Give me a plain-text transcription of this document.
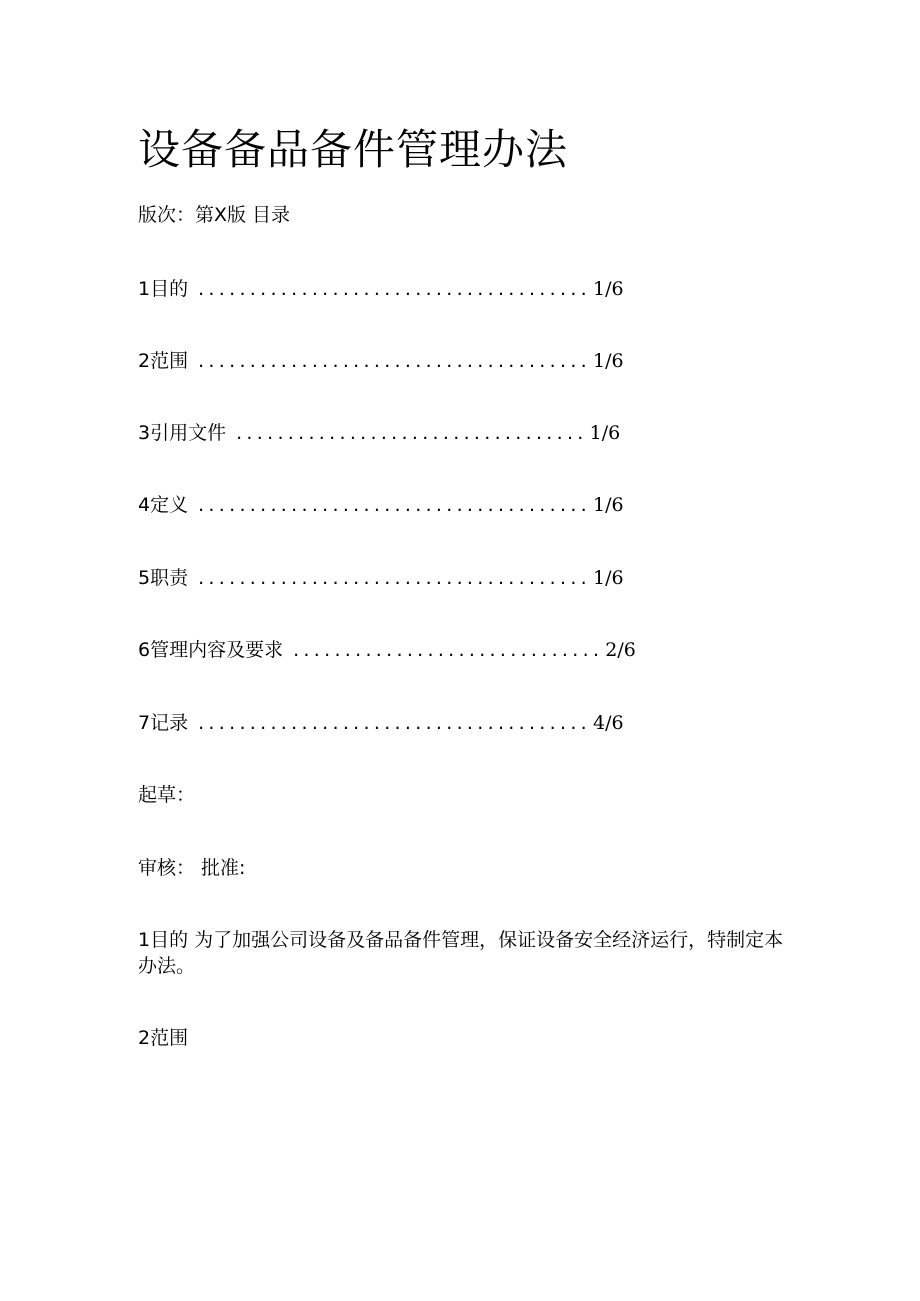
设备备品备件管理办法
版次：第X版 目录
1目的 ...................................... 1/6
2范围 ...................................... 1/6
3引用文件 .................................. 1/6
4定义 ...................................... 1/6
5职责 ...................................... 1/6
6管理内容及要求 .............................. 2/6
7记录 ...................................... 4/6
起草：
审核： 批准:
1目的 为了加强公司设备及备品备件管理，保证设备安全经济运行，特制定本 办法。
2范围
